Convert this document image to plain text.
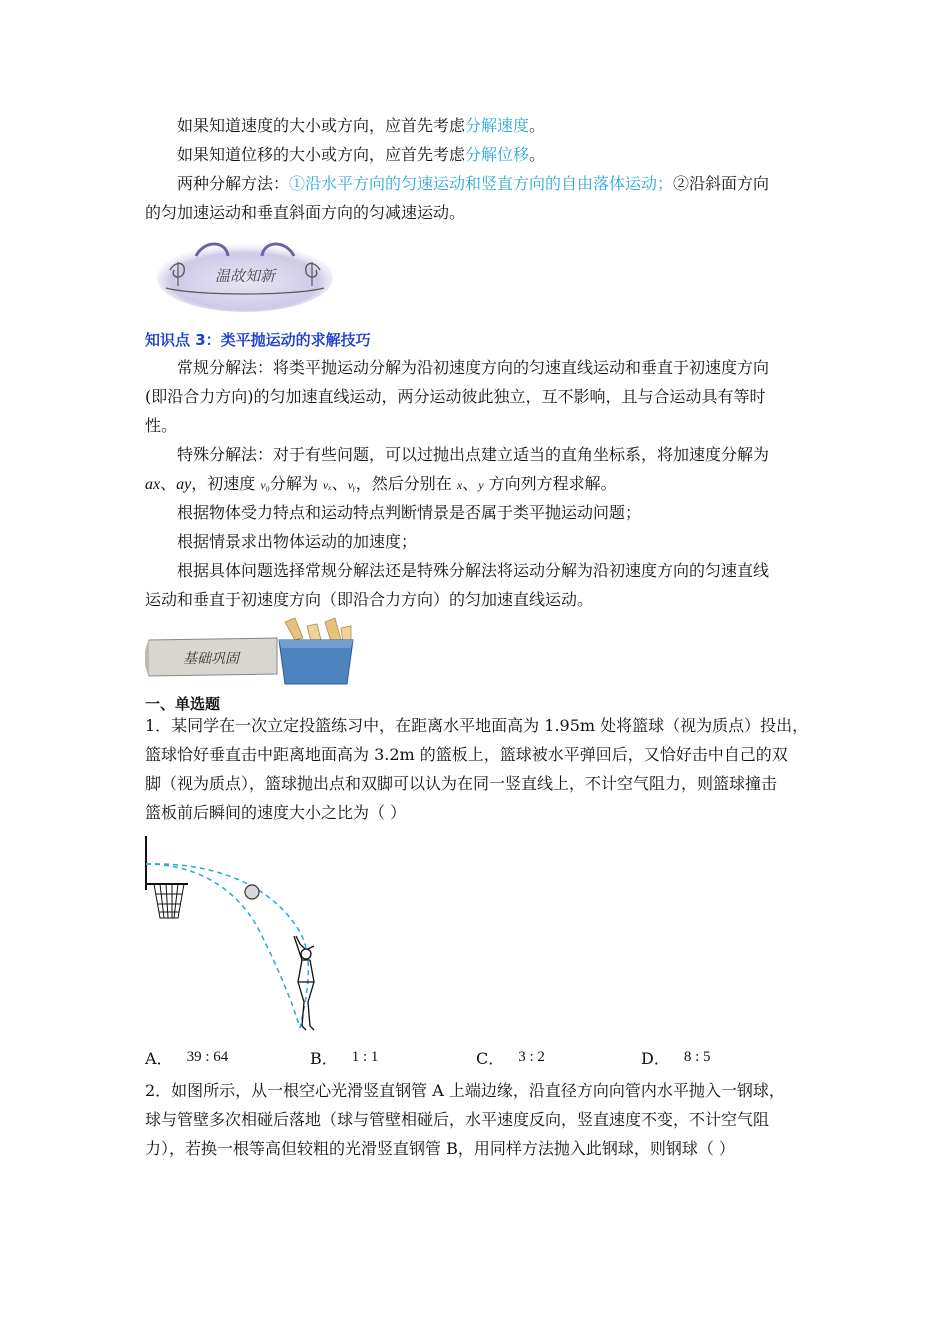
如果知道速度的大小或方向，应首先考虑分解速度。
如果知道位移的大小或方向，应首先考虑分解位移。
两种分解方法：①沿水平方向的匀速运动和竖直方向的自由落体运动；②沿斜面方向
的匀加速运动和垂直斜面方向的匀减速运动。
温故知新
知识点 3：类平抛运动的求解技巧
常规分解法：将类平抛运动分解为沿初速度方向的匀速直线运动和垂直于初速度方向
(即沿合力方向)的匀加速直线运动，两分运动彼此独立，互不影响，且与合运动具有等时
性。
特殊分解法：对于有些问题，可以过抛出点建立适当的直角坐标系，将加速度分解为
ax、ay，初速度 v₀分解为 vₓ、vᵧ，然后分别在 x、y 方向列方程求解。
根据物体受力特点和运动特点判断情景是否属于类平抛运动问题；
根据情景求出物体运动的加速度；
根据具体问题选择常规分解法还是特殊分解法将运动分解为沿初速度方向的匀速直线
运动和垂直于初速度方向（即沿合力方向）的匀加速直线运动。
基础巩固
一、单选题
1．某同学在一次立定投篮练习中，在距离水平地面高为 1.95m 处将篮球（视为质点）投出，
篮球恰好垂直击中距离地面高为 3.2m 的篮板上，篮球被水平弹回后，又恰好击中自己的双
脚（视为质点），篮球抛出点和双脚可以认为在同一竖直线上，不计空气阻力，则篮球撞击
篮板前后瞬间的速度大小之比为（ ）
A． 39 : 64	B． 1 : 1	C． 3 : 2	D． 8 : 5
2．如图所示，从一根空心光滑竖直钢管 A 上端边缘，沿直径方向向管内水平抛入一钢球，
球与管壁多次相碰后落地（球与管壁相碰后，水平速度反向，竖直速度不变，不计空气阻
力），若换一根等高但较粗的光滑竖直钢管 B，用同样方法抛入此钢球，则钢球（ ）
